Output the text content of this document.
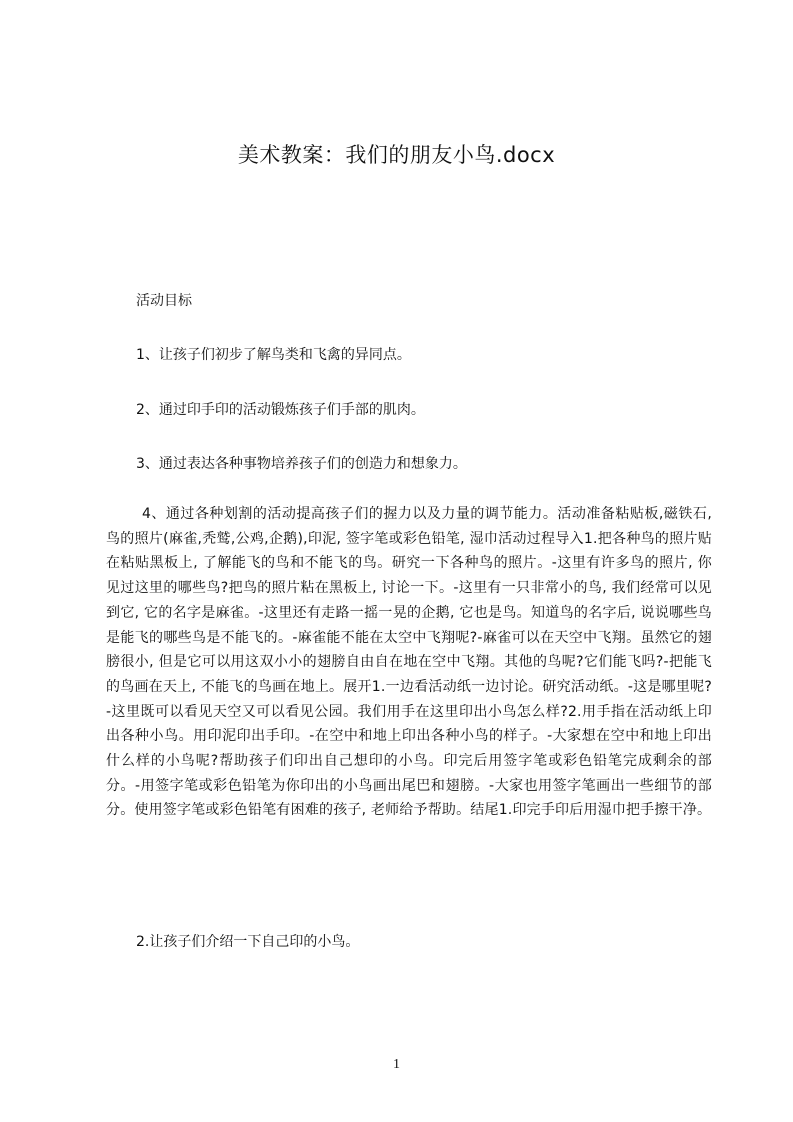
美术教案：我们的朋友小鸟.docx

活动目标

1、让孩子们初步了解鸟类和飞禽的异同点。

2、通过印手印的活动锻炼孩子们手部的肌肉。

3、通过表达各种事物培养孩子们的创造力和想象力。

4、通过各种划割的活动提高孩子们的握力以及力量的调节能力。活动准备粘贴板,磁铁石,鸟的照片(麻雀,秃鹫,公鸡,企鹅),印泥, 签字笔或彩色铅笔, 湿巾活动过程导入1.把各种鸟的照片贴在粘贴黑板上, 了解能飞的鸟和不能飞的鸟。研究一下各种鸟的照片。-这里有许多鸟的照片, 你见过这里的哪些鸟?把鸟的照片粘在黑板上, 讨论一下。-这里有一只非常小的鸟, 我们经常可以见到它, 它的名字是麻雀。-这里还有走路一摇一晃的企鹅, 它也是鸟。知道鸟的名字后, 说说哪些鸟是能飞的哪些鸟是不能飞的。-麻雀能不能在太空中飞翔呢?-麻雀可以在天空中飞翔。虽然它的翅膀很小, 但是它可以用这双小小的翅膀自由自在地在空中飞翔。其他的鸟呢?它们能飞吗?-把能飞的鸟画在天上, 不能飞的鸟画在地上。展开1.一边看活动纸一边讨论。研究活动纸。-这是哪里呢?-这里既可以看见天空又可以看见公园。我们用手在这里印出小鸟怎么样?2.用手指在活动纸上印出各种小鸟。用印泥印出手印。-在空中和地上印出各种小鸟的样子。-大家想在空中和地上印出什么样的小鸟呢?帮助孩子们印出自己想印的小鸟。印完后用签字笔或彩色铅笔完成剩余的部分。-用签字笔或彩色铅笔为你印出的小鸟画出尾巴和翅膀。-大家也用签字笔画出一些细节的部分。使用签字笔或彩色铅笔有困难的孩子, 老师给予帮助。结尾1.印完手印后用湿巾把手擦干净。

2.让孩子们介绍一下自己印的小鸟。

1
